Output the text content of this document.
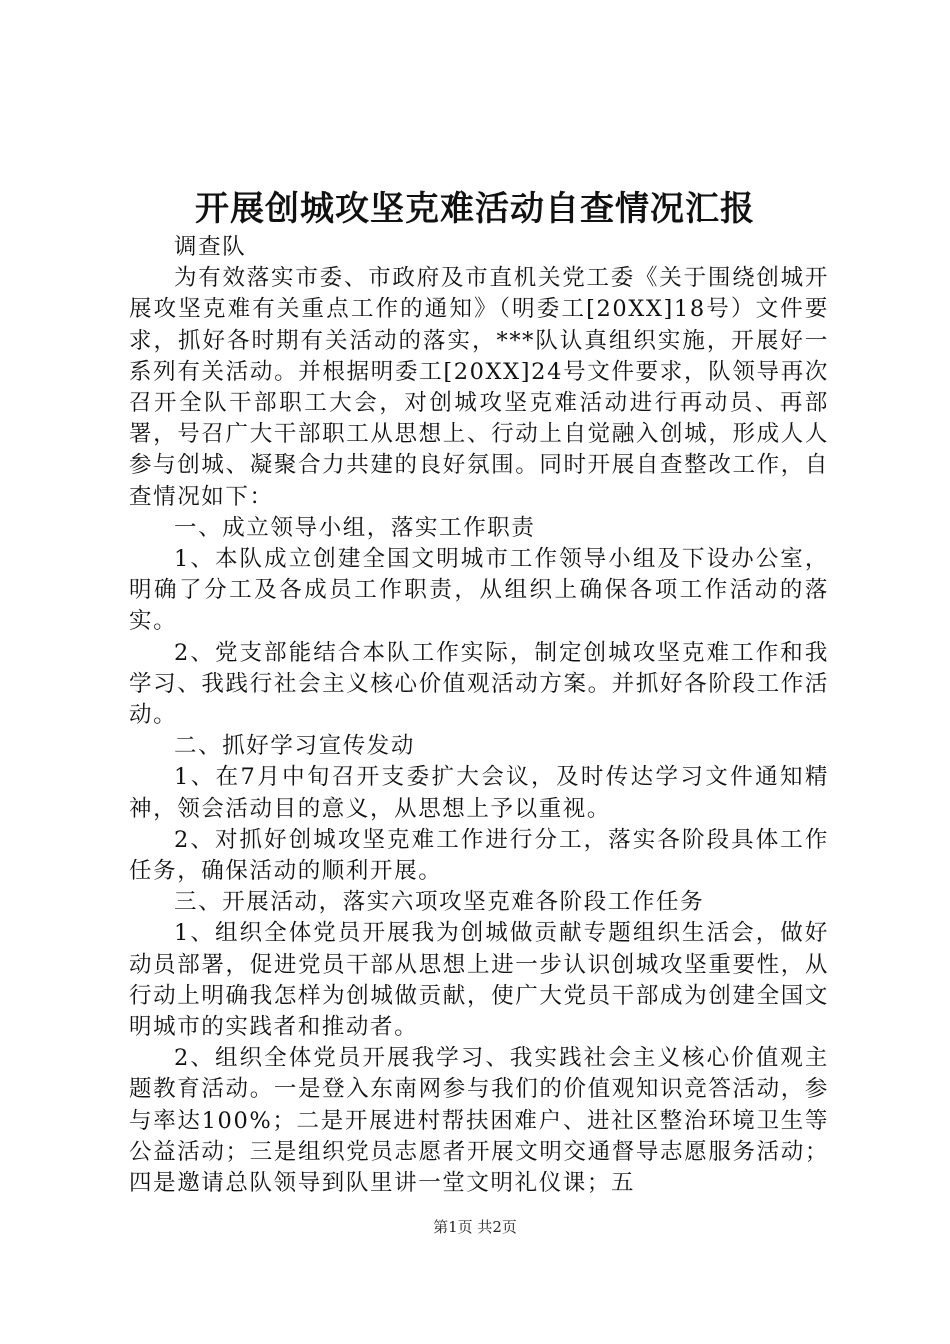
开展创城攻坚克难活动自查情况汇报

调查队

为有效落实市委、市政府及市直机关党工委《关于围绕创城开展攻坚克难有关重点工作的通知》（明委工[20XX]18号）文件要求，抓好各时期有关活动的落实，***队认真组织实施，开展好一系列有关活动。并根据明委工[20XX]24号文件要求，队领导再次召开全队干部职工大会，对创城攻坚克难活动进行再动员、再部署，号召广大干部职工从思想上、行动上自觉融入创城，形成人人参与创城、凝聚合力共建的良好氛围。同时开展自查整改工作，自查情况如下：

一、成立领导小组，落实工作职责

1、本队成立创建全国文明城市工作领导小组及下设办公室，明确了分工及各成员工作职责，从组织上确保各项工作活动的落实。

2、党支部能结合本队工作实际，制定创城攻坚克难工作和我学习、我践行社会主义核心价值观活动方案。并抓好各阶段工作活动。

二、抓好学习宣传发动

1、在7月中旬召开支委扩大会议，及时传达学习文件通知精神，领会活动目的意义，从思想上予以重视。

2、对抓好创城攻坚克难工作进行分工，落实各阶段具体工作任务，确保活动的顺利开展。

三、开展活动，落实六项攻坚克难各阶段工作任务

1、组织全体党员开展我为创城做贡献专题组织生活会，做好动员部署，促进党员干部从思想上进一步认识创城攻坚重要性，从行动上明确我怎样为创城做贡献，使广大党员干部成为创建全国文明城市的实践者和推动者。

2、组织全体党员开展我学习、我实践社会主义核心价值观主题教育活动。一是登入东南网参与我们的价值观知识竞答活动，参与率达100%；二是开展进村帮扶困难户、进社区整治环境卫生等公益活动；三是组织党员志愿者开展文明交通督导志愿服务活动；四是邀请总队领导到队里讲一堂文明礼仪课；五

第1页 共2页
